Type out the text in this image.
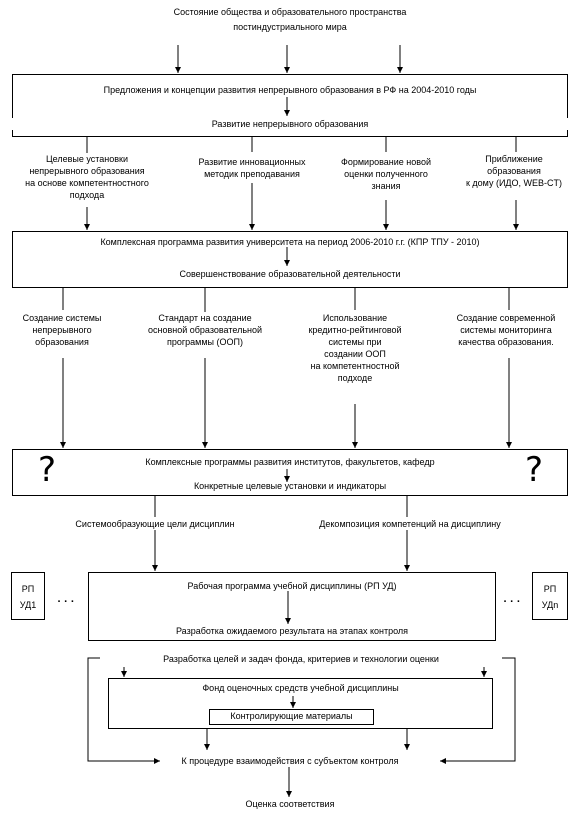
Состояние общества и образовательного пространства
постиндустриального мира
Предложения и концепции развития непрерывного образования в РФ на 2004-2010 годы
Развитие непрерывного образования
Целевые установки
непрерывного образования
на основе компетентностного
подхода
Развитие инновационных
методик преподавания
Формирование новой
оценки полученного
знания
Приближение
образования
к дому (ИДО, WEB-CT)
Комплексная программа развития университета на период 2006-2010 г.г. (КПР ТПУ - 2010)
Совершенствование образовательной деятельности
Создание системы
непрерывного
образования
Стандарт на создание
основной образовательной
программы (ООП)
Использование
кредитно-рейтинговой
системы при
создании ООП
на компетентностной
подходе
Создание современной
системы мониторинга
качества образования.
?	?
Комплексные программы развития институтов, факультетов, кафедр
Конкретные целевые установки и индикаторы
Системообразующие цели дисциплин	Декомпозиция компетенций на дисциплину
РП
УД1	· · ·
РП
УДn
· · ·
Рабочая программа учебной дисциплины (РП УД)
Разработка ожидаемого результата на этапах контроля
Разработка целей и задач фонда, критериев и технологии оценки
Фонд оценочных средств учебной дисциплины
Контролирующие материалы
К процедуре взаимодействия с субъектом контроля
Оценка соответствия
